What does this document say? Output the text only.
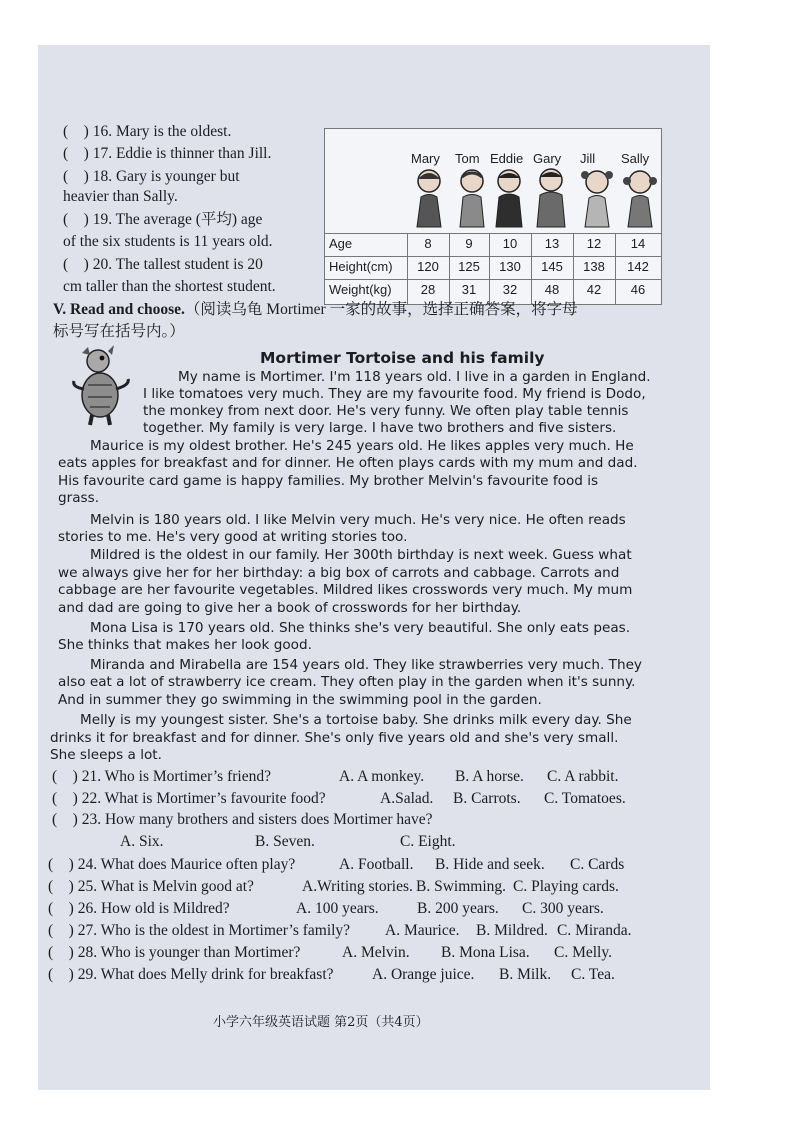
(　) 16. Mary is the oldest.
(　) 17. Eddie is thinner than Jill.
(　) 18. Gary is younger but
heavier than Sally.
(　) 19. The average (平均) age
of the six students is 11 years old.
(　) 20. The tallest student is 20
cm taller than the shortest student.
Mary Tom Eddie Gary Jill Sally
Age	8	9	10	13	12	14
Height(cm)	120	125	130	145	138	142
Weight(kg)	28	31	32	48	42	46
V. Read and choose.（阅读乌龟 Mortimer 一家的故事，选择正确答案，将字母
标号写在括号内。）
Mortimer Tortoise and his family
My name is Mortimer. I'm 118 years old. I live in a garden in England.
I like tomatoes very much. They are my favourite food. My friend is Dodo,
the monkey from next door. He's very funny. We often play table tennis
together. My family is very large. I have two brothers and five sisters.
Maurice is my oldest brother. He's 245 years old. He likes apples very much. He
eats apples for breakfast and for dinner. He often plays cards with my mum and dad.
His favourite card game is happy families. My brother Melvin's favourite food is
grass.
Melvin is 180 years old. I like Melvin very much. He's very nice. He often reads
stories to me. He's very good at writing stories too.
Mildred is the oldest in our family. Her 300th birthday is next week. Guess what
we always give her for her birthday: a big box of carrots and cabbage. Carrots and
cabbage are her favourite vegetables. Mildred likes crosswords very much. My mum
and dad are going to give her a book of crosswords for her birthday.
Mona Lisa is 170 years old. She thinks she's very beautiful. She only eats peas.
She thinks that makes her look good.
Miranda and Mirabella are 154 years old. They like strawberries very much. They
also eat a lot of strawberry ice cream. They often play in the garden when it's sunny.
And in summer they go swimming in the swimming pool in the garden.
Melly is my youngest sister. She's a tortoise baby. She drinks milk every day. She
drinks it for breakfast and for dinner. She's only five years old and she's very small.
She sleeps a lot.
(　) 21. Who is Mortimer’s friend?	A. A monkey. B. A horse. C. A rabbit.
(　) 22. What is Mortimer’s favourite food?	A.Salad. B. Carrots. C. Tomatoes.
(　) 23. How many brothers and sisters does Mortimer have?
A. Six.	B. Seven.	C. Eight.
(　) 24. What does Maurice often play?	A. Football. B. Hide and seek. C. Cards
(　) 25. What is Melvin good at?	A.Writing stories. B. Swimming. C. Playing cards.
(　) 26. How old is Mildred?	A. 100 years. B. 200 years. C. 300 years.
(　) 27. Who is the oldest in Mortimer’s family? A. Maurice. B. Mildred. C. Miranda.
(　) 28. Who is younger than Mortimer?	A. Melvin. B. Mona Lisa. C. Melly.
(　) 29. What does Melly drink for breakfast? A. Orange juice. B. Milk. C. Tea.
小学六年级英语试题 第2页（共4页）
